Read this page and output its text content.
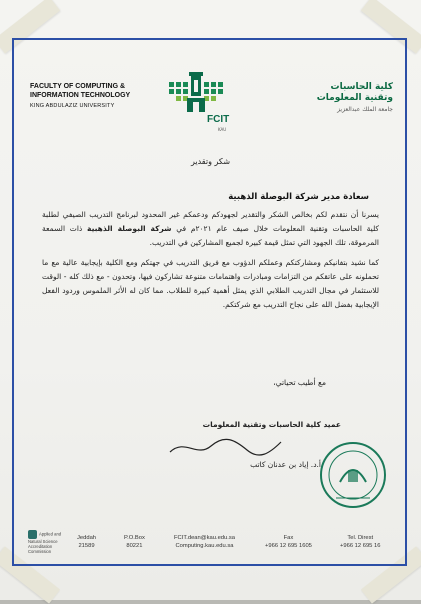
FACULTY OF COMPUTING & INFORMATION TECHNOLOGY
KING ABDULAZIZ UNIVERSITY
FCIT
KAU
كلية الحاسبات
وتقنية المعلومات
جامعة الملك عبدالعزيز
شكر وتقدير
سعادة مدير شركة البوصلة الذهبية

يسرنا أن نتقدم لكم بخالص الشكر والتقدير لجهودكم ودعمكم غير المحدود لبرنامج التدريب الصيفي لطلبة كلية الحاسبات وتقنية المعلومات خلال صيف عام ٢٠٢١م في شركة البوصلة الذهبية ذات السمعة المرموقة، تلك الجهود التي تمثل قيمة كبيرة لجميع المشاركين في التدريب.

كما نشيد بتفانيكم ومشاركتكم وعملكم الدؤوب مع فريق التدريب في جهتكم ومع الكلية بإيجابية عالية مع ما تحملونه على عاتقكم من التزامات ومبادرات واهتمامات متنوعة تشاركون فيها، وتحدون - مع ذلك كله - الوقت للاستثمار في مجال التدريب الطلابي الذي يمثل أهمية كبيرة للطلاب. مما كان له الأثر الملموس وردود الفعل الإيجابية بفضل الله على نجاح التدريب مع شركتكم.

مع أطيب تحياتي،
عميد كلية الحاسبات وتقنية المعلومات
أ.د. إياد بن عدنان كاتب
Applied and Natural Science Accreditation Commission
Jeddah
21589
P.O.Box
80221
FCIT.dean@kau.edu.sa
Computing.kau.edu.sa
Fax
+966 12 695 1605
Tel. Direst
+966 12 695 16
